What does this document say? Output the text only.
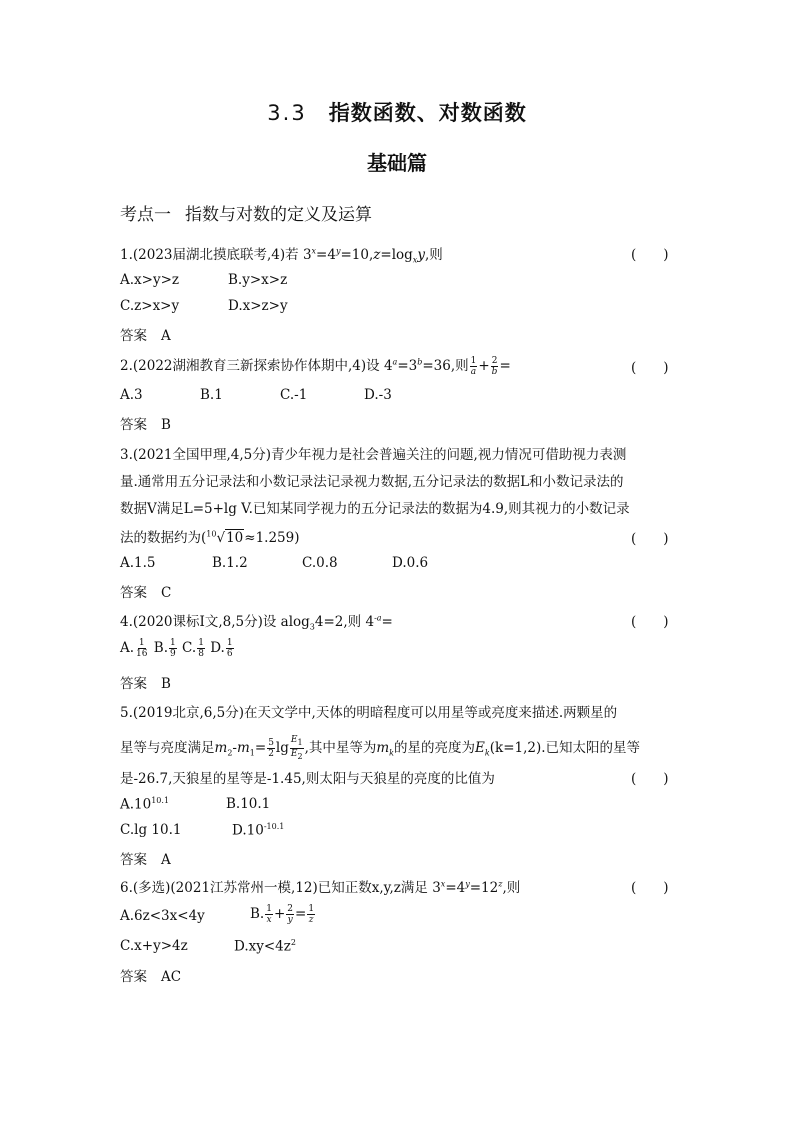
3.3 指数函数、对数函数
基础篇
考点一 指数与对数的定义及运算
1.(2023届湖北摸底联考,4)若 $3^x=4^y=10,z=\log_xy$,则	(　　)
A.x>y>z	B.y>x>z
C.z>x>y	D.x>z>y
答案 A
2.(2022湖湘教育三新探索协作体期中,4)设 $4^a=3^b=36$,则 $\frac{1}{a} + \frac{2}{b}$ =	(　　)
A.3	B.1	C.-1	D.-3
答案 B
3.(2021全国甲理,4,5分)青少年视力是社会普遍关注的问题,视力情况可借助视力表测
量.通常用五分记录法和小数记录法记录视力数据,五分记录法的数据L和小数记录法的
数据V满足L=5+lg V.已知某同学视力的五分记录法的数据为4.9,则其视力的小数记录
法的数据约为($^{10}$√10≈1.259)	(　　)
A.1.5	B.1.2	C.0.8	D.0.6
答案 C
4.(2020课标Ⅰ文,8,5分)设 alog$_3$4=2,则 $4^{-a}=$	(　　)
A. $\frac{1}{16} B$. $\frac{1}{9} C$. $\frac{1}{8} D$. $\frac{1}{6}$
答案 B
5.(2019北京,6,5分)在天文学中,天体的明暗程度可以用星等或亮度来描述.两颗星的
星等与亮度满足$m_2-m_1= \frac{5}{2}$ $\lg \frac{E_1}{E_2}$ ,其中星等为$m_k$的星的亮度为$E_k(k=1,2)$.已知太阳的星等
是-26.7,天狼星的星等是-1.45,则太阳与天狼星的亮度的比值为	(　　)
$A.10^{10.1}$	B.10.1
C.lg 10.1	$D.10^{-10.1}$
答案 A
6.(多选)(2021江苏常州一模,12)已知正数x,y,z满足 $3^x=4^y=12^z$,则	(　　)
A.6z<3x<4y	B. $\frac{1}{x} + \frac{2}{y} = \frac{1}{z}$
C.x+y>4z	$D.xy<4z^2$
答案 AC
